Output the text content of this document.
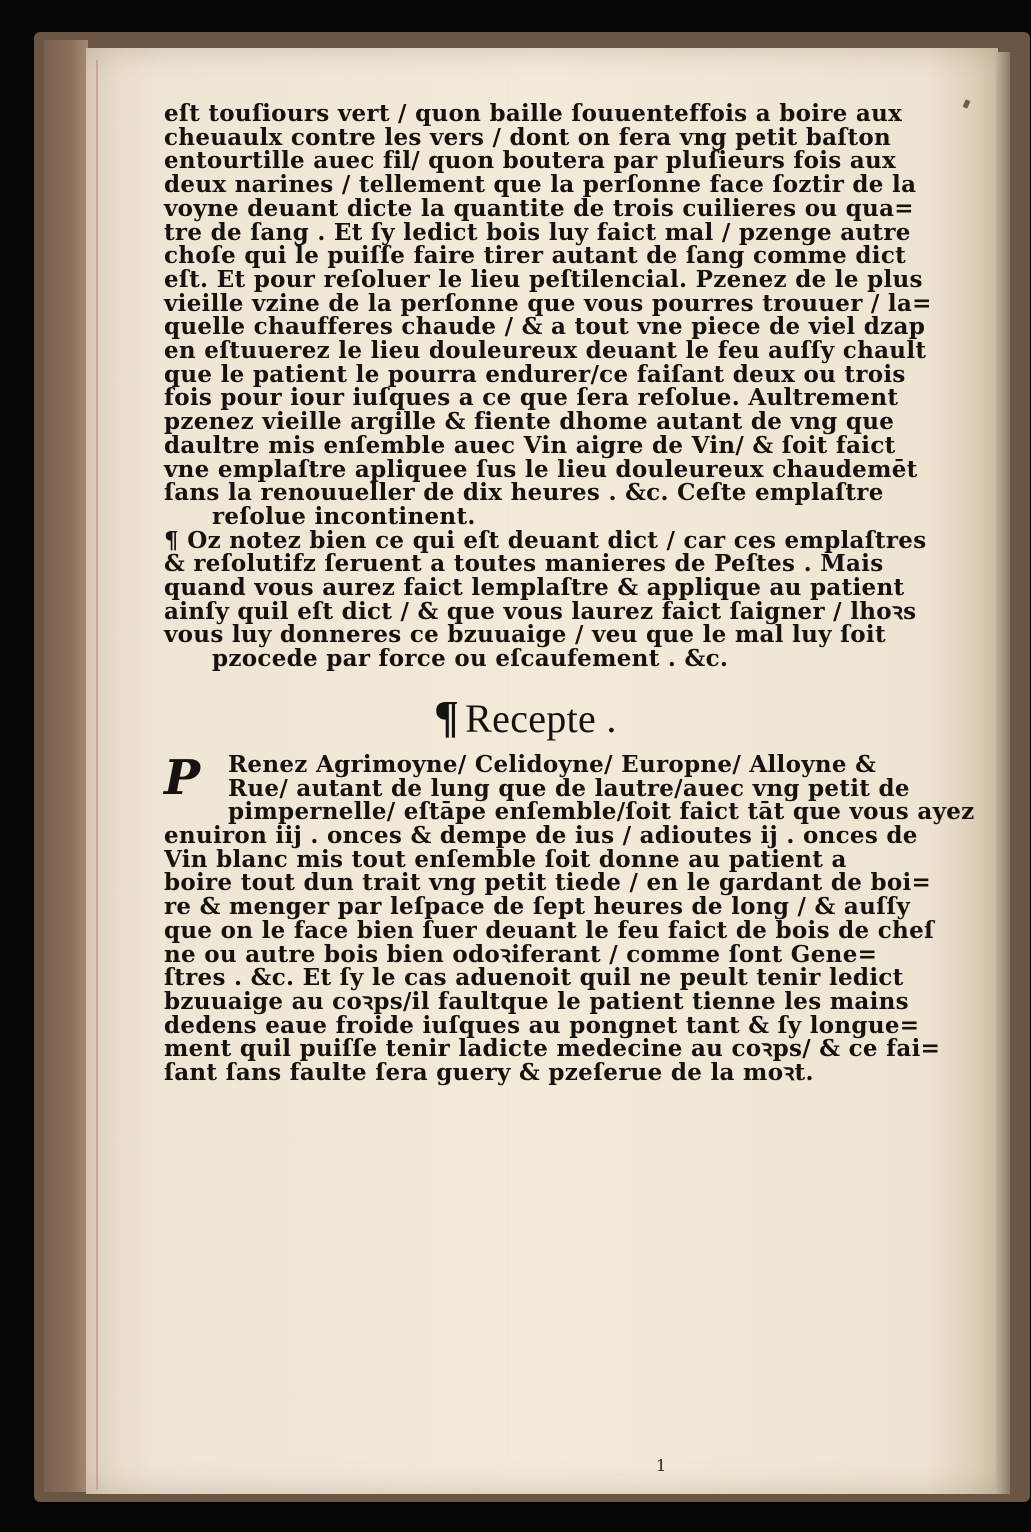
eſt touſiours vert / quon baille ſouuenteffois a boire aux
cheuaulx contre les vers / dont on fera vng petit baſton
entourtille auec fil/ quon boutera par pluſieurs fois aux
deux narines / tellement que la perſonne face ſoztir de la
voyne deuant dicte la quantite de trois cuilieres ou qua=
tre de ſang . Et ſy ledict bois luy faict mal / pzenge autre
choſe qui le puiſſe faire tirer autant de ſang comme dict
eſt. Et pour reſoluer le lieu peſtilencial. Pzenez de le plus
vieille vzine de la perſonne que vous pourres trouuer / la=
quelle chaufferes chaude / & a tout vne piece de viel dzap
en eſtuuerez le lieu douleureux deuant le feu auſſy chault
que le patient le pourra endurer/ce faiſant deux ou trois
fois pour iour iuſques a ce que ſera reſolue. Aultrement
pzenez vieille argille & fiente dhome autant de vng que
daultre mis enſemble auec Vin aigre de Vin/ & ſoit faict
vne emplaſtre apliquee ſus le lieu douleureux chaudemēt
ſans la renouueller de dix heures . &c. Ceſte emplaſtre
reſolue incontinent.
¶ Oz notez bien ce qui eſt deuant dict / car ces emplaſtres
& reſolutifz ſeruent a toutes manieres de Peſtes . Mais
quand vous aurez faict lemplaſtre & applique au patient
ainſy quil eſt dict / & que vous laurez faict ſaigner / lhoꝛs
vous luy donneres ce bzuuaige / veu que le mal luy ſoit
pzocede par force ou eſcaufement . &c.
¶ Recepte .
P	Renez Agrimoyne/ Celidoyne/ Europne/ Alloyne &
Rue/ autant de lung que de lautre/auec vng petit de
pimpernelle/ eſtāpe enſemble/ſoit faict tāt que vous ayez
enuiron iij . onces & dempe de ius / adioutes ij . onces de
Vin blanc mis tout enſemble ſoit donne au patient a
boire tout dun trait vng petit tiede / en le gardant de boi=
re & menger par leſpace de ſept heures de long / & auſſy
que on le face bien ſuer deuant le feu faict de bois de cheſ
ne ou autre bois bien odoꝛiferant / comme ſont Gene=
ſtres . &c. Et ſy le cas aduenoit quil ne peult tenir ledict
bzuuaige au coꝛps/il faultque le patient tienne les mains
dedens eaue froide iuſques au pongnet tant & ſy longue=
ment quil puiſſe tenir ladicte medecine au coꝛps/ & ce fai=
ſant ſans faulte ſera guery & pzeſerue de la moꝛt.
1
